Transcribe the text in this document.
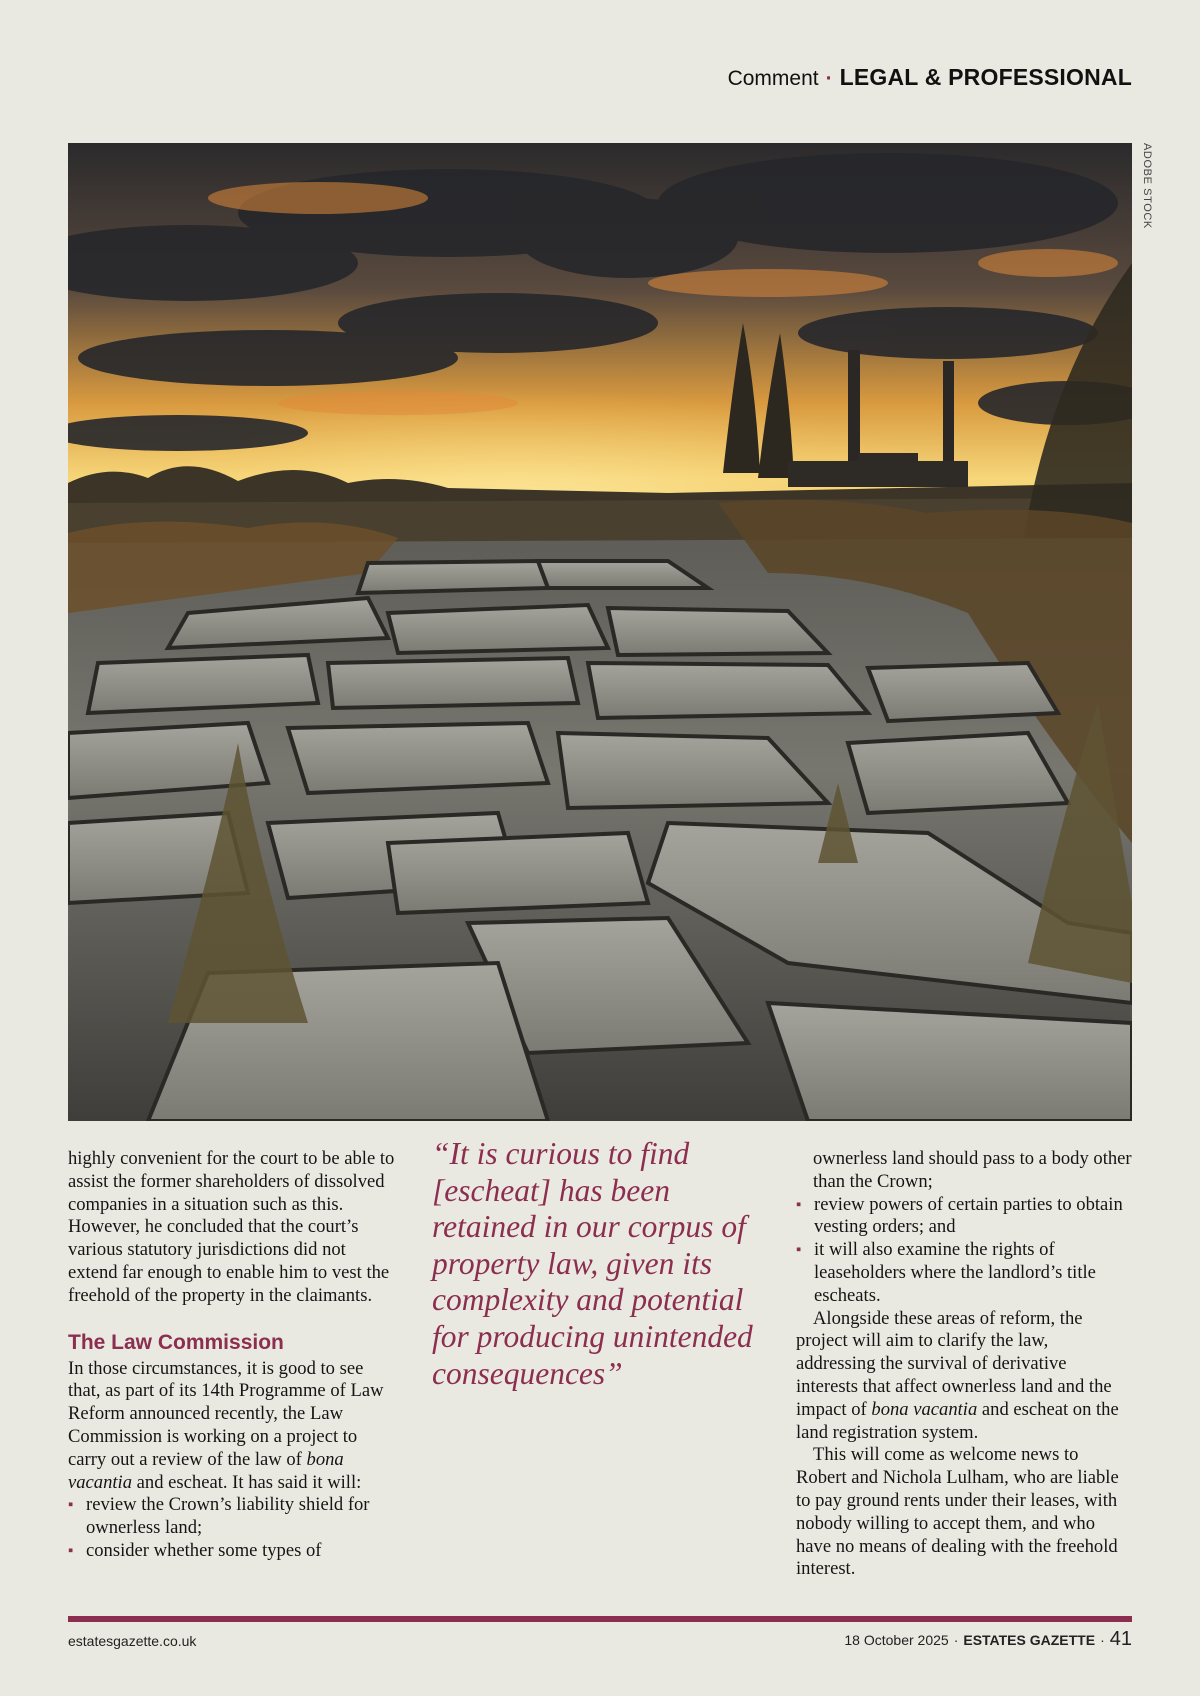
Comment · LEGAL & PROFESSIONAL
ADOBE STOCK

highly convenient for the court to be able to assist the former shareholders of dissolved companies in a situation such as this. However, he concluded that the court’s various statutory jurisdictions did not extend far enough to enable him to vest the freehold of the property in the claimants.

The Law Commission

In those circumstances, it is good to see that, as part of its 14th Programme of Law Reform announced recently, the Law Commission is working on a project to carry out a review of the law of bona vacantia and escheat. It has said it will:

▪ review the Crown’s liability shield for ownerless land;
▪ consider whether some types of
“It is curious to find [escheat] has been retained in our corpus of property law, given its complexity and potential for producing unintended consequences”

ownerless land should pass to a body other than the Crown;

▪ review powers of certain parties to obtain vesting orders; and
▪ it will also examine the rights of leaseholders where the landlord’s title escheats.

Alongside these areas of reform, the project will aim to clarify the law, addressing the survival of derivative interests that affect ownerless land and the impact of bona vacantia and escheat on the land registration system.

This will come as welcome news to Robert and Nichola Lulham, who are liable to pay ground rents under their leases, with nobody willing to accept them, and who have no means of dealing with the freehold interest.

estatesgazette.co.uk	18 October 2025 · ESTATES GAZETTE · 41
